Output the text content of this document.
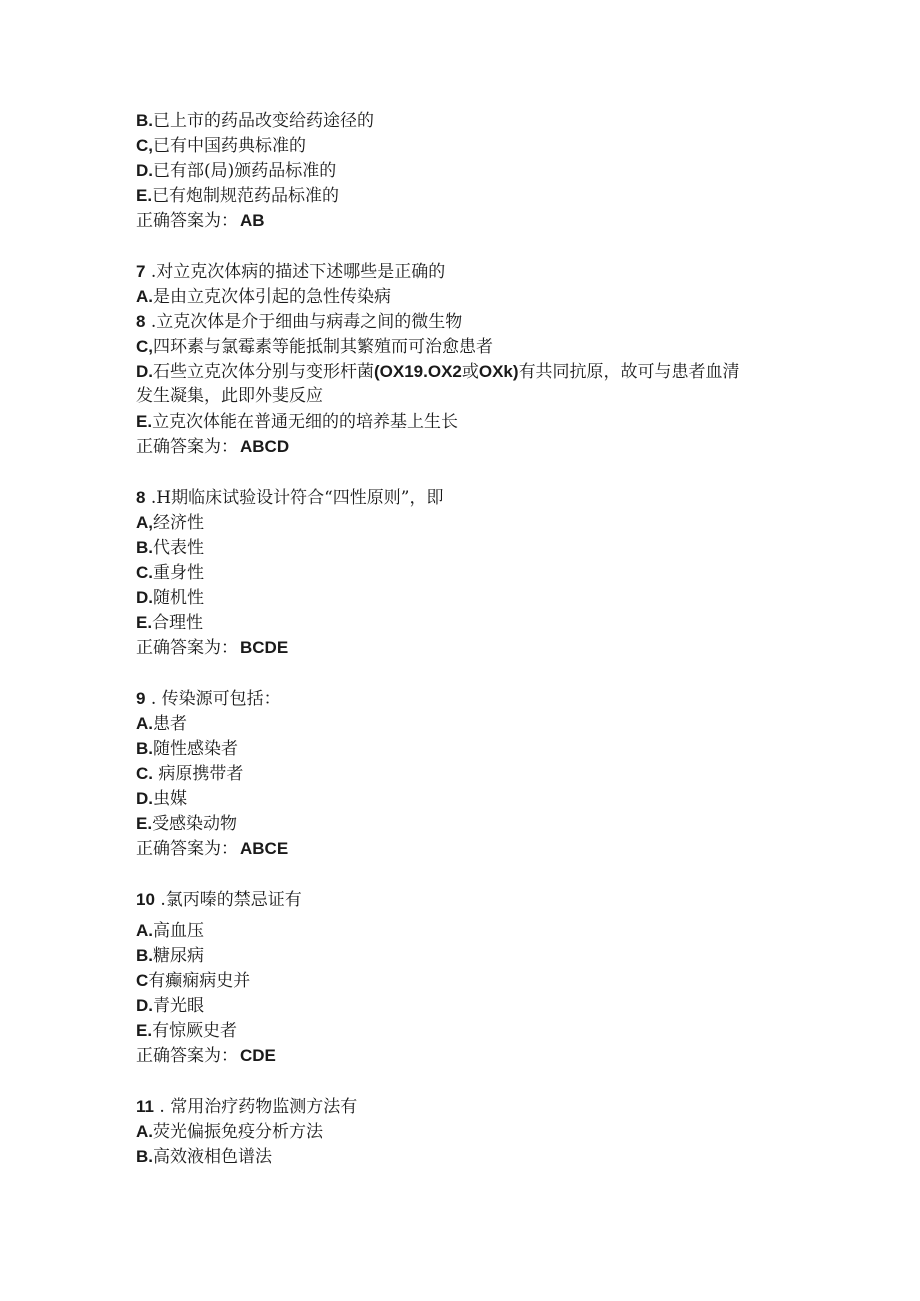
B.已上市的药品改变给药途径的
C,已有中国药典标准的
D.已有部(局)颁药品标准的
E.已有炮制规范药品标准的
正确答案为： AB
7 .对立克次体病的描述下述哪些是正确的
A.是由立克次体引起的急性传染病
8 .立克次体是介于细曲与病毒之间的微生物
C,四环素与氯霉素等能抵制其繁殖而可治愈患者
D.石些立克次体分别与变形杆菌(OX19.OX2或OXk)有共同抗原，故可与患者血清
发生凝集，此即外斐反应
E.立克次体能在普通无细的的培养基上生长
正确答案为： ABCD
8 .H期临床试验设计符合“四性原则”，即
A,经济性
B.代表性
C.重身性
D.随机性
E.合理性
正确答案为： BCDE
9 . 传染源可包括：
A.患者
B.随性感染者
C. 病原携带者
D.虫媒
E.受感染动物
正确答案为： ABCE
10 .氯丙嗪的禁忌证有
A.高血压
B.糖尿病
C有癫痫病史并
D.青光眼
E.有惊厥史者
正确答案为： CDE
11 . 常用治疗药物监测方法有
A.荧光偏振免疫分析方法
B.高效液相色谱法
